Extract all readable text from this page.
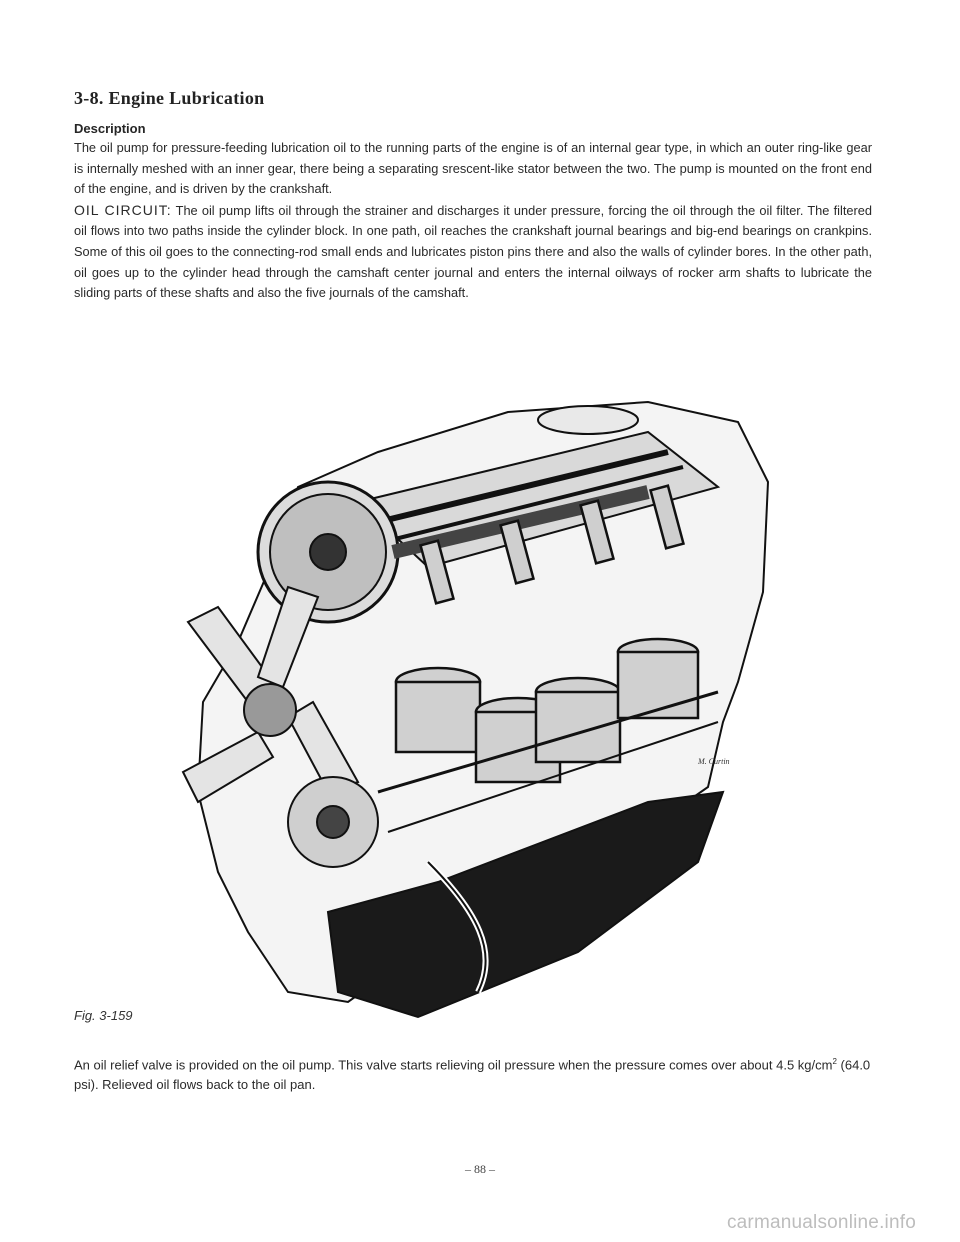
3-8. Engine Lubrication
Description

The oil pump for pressure-feeding lubrication oil to the running parts of the engine is of an internal gear type, in which an outer ring-like gear is internally meshed with an inner gear, there being a separating srescent-like stator between the two. The pump is mounted on the front end of the engine, and is driven by the crankshaft.

OIL CIRCUIT: The oil pump lifts oil through the strainer and discharges it under pressure, forcing the oil through the oil filter. The filtered oil flows into two paths inside the cylinder block. In one path, oil reaches the crankshaft journal bearings and big-end bearings on crankpins. Some of this oil goes to the connecting-rod small ends and lubricates piston pins there and also the walls of cylinder bores. In the other path, oil goes up to the cylinder head through the camshaft center journal and enters the internal oilways of rocker arm shafts to lubricate the sliding parts of these shafts and also the five journals of the camshaft.

M. Curtin
Fig. 3-159

An oil relief valve is provided on the oil pump. This valve starts relieving oil pressure when the pressure comes over about 4.5 $kg/cm^2$ (64.0 psi). Relieved oil flows back to the oil pan.

– 88 –
carmanualsonline.info
